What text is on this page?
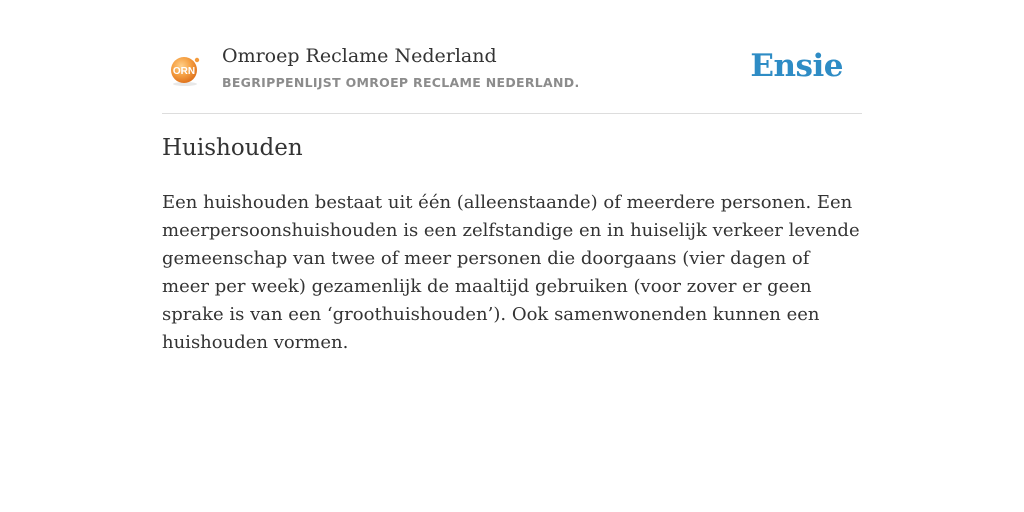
ORN
Omroep Reclame Nederland
BEGRIPPENLIJST OMROEP RECLAME NEDERLAND.	Ensie
Huishouden

Een huishouden bestaat uit één (alleenstaande) of meerdere personen. Een meerpersoonshuishouden is een zelfstandige en in huiselijk verkeer levende gemeenschap van twee of meer personen die doorgaans (vier dagen of meer per week) gezamenlijk de maaltijd gebruiken (voor zover er geen sprake is van een ‘groothuishouden’). Ook samenwonenden kunnen een huishouden vormen.
